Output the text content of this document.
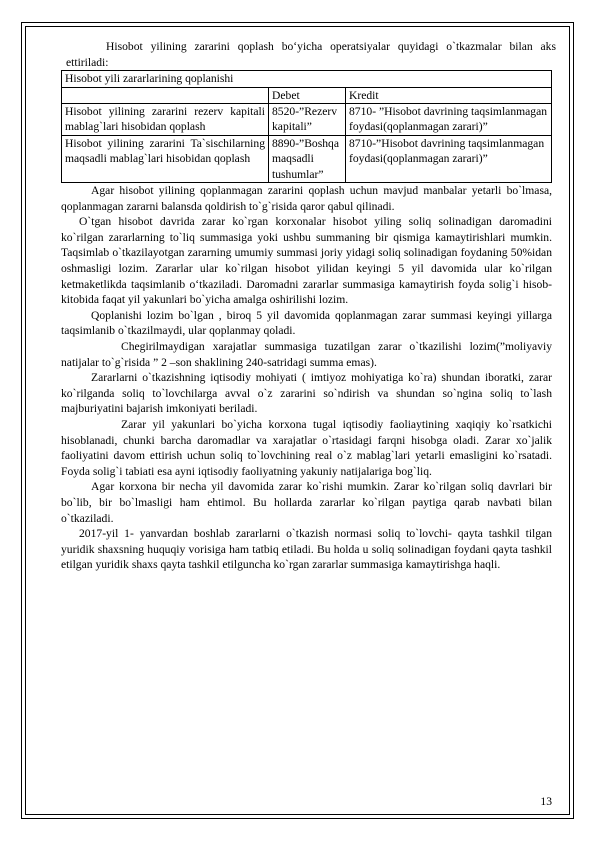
Hisobot yilining zararini qoplash bo‘yicha operatsiyalar quyidagi o`tkazmalar bilan aks ettiriladi:

Hisobot yili zararlarining qoplanishi		
	Debet	Kredit
Hisobot yilining zararini rezerv kapitali mablag`lari hisobidan qoplash	8520-”Rezerv kapitali”	8710- ”Hisobot davrining taqsimlanmagan foydasi(qoplanmagan zarari)”
Hisobot yilining zararini Ta`sischilarning maqsadli mablag`lari hisobidan qoplash	8890-”Boshqa maqsadli tushumlar”	8710-”Hisobot davrining taqsimlanmagan foydasi(qoplanmagan zarari)”

Agar hisobot yilining qoplanmagan zararini qoplash uchun mavjud manbalar yetarli bo`lmasa, qoplanmagan zararni balansda qoldirish to`g`risida qaror qabul qilinadi.

O`tgan hisobot davrida zarar ko`rgan korxonalar hisobot yiling soliq solinadigan daromadini ko`rilgan zararlarning to`liq summasiga yoki ushbu summaning bir qismiga kamaytirishlari mumkin. Taqsimlab o`tkazilayotgan zararning umumiy summasi joriy yidagi soliq solinadigan foydaning 50%idan oshmasligi lozim. Zararlar ular ko`rilgan hisobot yilidan keyingi 5 yil davomida ular ko`rilgan ketmaketlikda taqsimlanib o‘tkaziladi. Daromadni zararlar summasiga kamaytirish foyda solig`i hisob-kitobida faqat yil yakunlari bo`yicha amalga oshirilishi lozim.

Qoplanishi lozim bo`lgan , biroq 5 yil davomida qoplanmagan zarar summasi keyingi yillarga taqsimlanib o`tkazilmaydi, ular qoplanmay qoladi.

Chegirilmaydigan xarajatlar summasiga tuzatilgan zarar o`tkazilishi lozim(”moliyaviy natijalar to`g`risida ” 2 –son shaklining 240-satridagi summa emas).

Zararlarni o`tkazishning iqtisodiy mohiyati ( imtiyoz mohiyatiga ko`ra) shundan iboratki, zarar ko`rilganda soliq to`lovchilarga avval o`z zararini so`ndirish va shundan so`ngina soliq to`lash majburiyatini bajarish imkoniyati beriladi.

Zarar yil yakunlari bo`yicha korxona tugal iqtisodiy faoliaytining xaqiqiy ko`rsatkichi hisoblanadi, chunki barcha daromadlar va xarajatlar o`rtasidagi farqni hisobga oladi. Zarar xo`jalik faoliyatini davom ettirish uchun soliq to`lovchining real o`z mablag`lari yetarli emasligini ko`rsatadi. Foyda solig`i tabiati esa ayni iqtisodiy faoliyatning yakuniy natijalariga bog`liq.

Agar korxona bir necha yil davomida zarar ko`rishi mumkin. Zarar ko`rilgan soliq davrlari bir bo`lib, bir bo`lmasligi ham ehtimol. Bu hollarda zararlar ko`rilgan paytiga qarab navbati bilan o`tkaziladi.

2017-yil 1- yanvardan boshlab zararlarni o`tkazish normasi soliq to`lovchi- qayta tashkil tilgan yuridik shaxsning huquqiy vorisiga ham tatbiq etiladi. Bu holda u soliq solinadigan foydani qayta tashkil etilgan yuridik shaxs qayta tashkil etilguncha ko`rgan zararlar summasiga kamaytirishga haqli.

13
